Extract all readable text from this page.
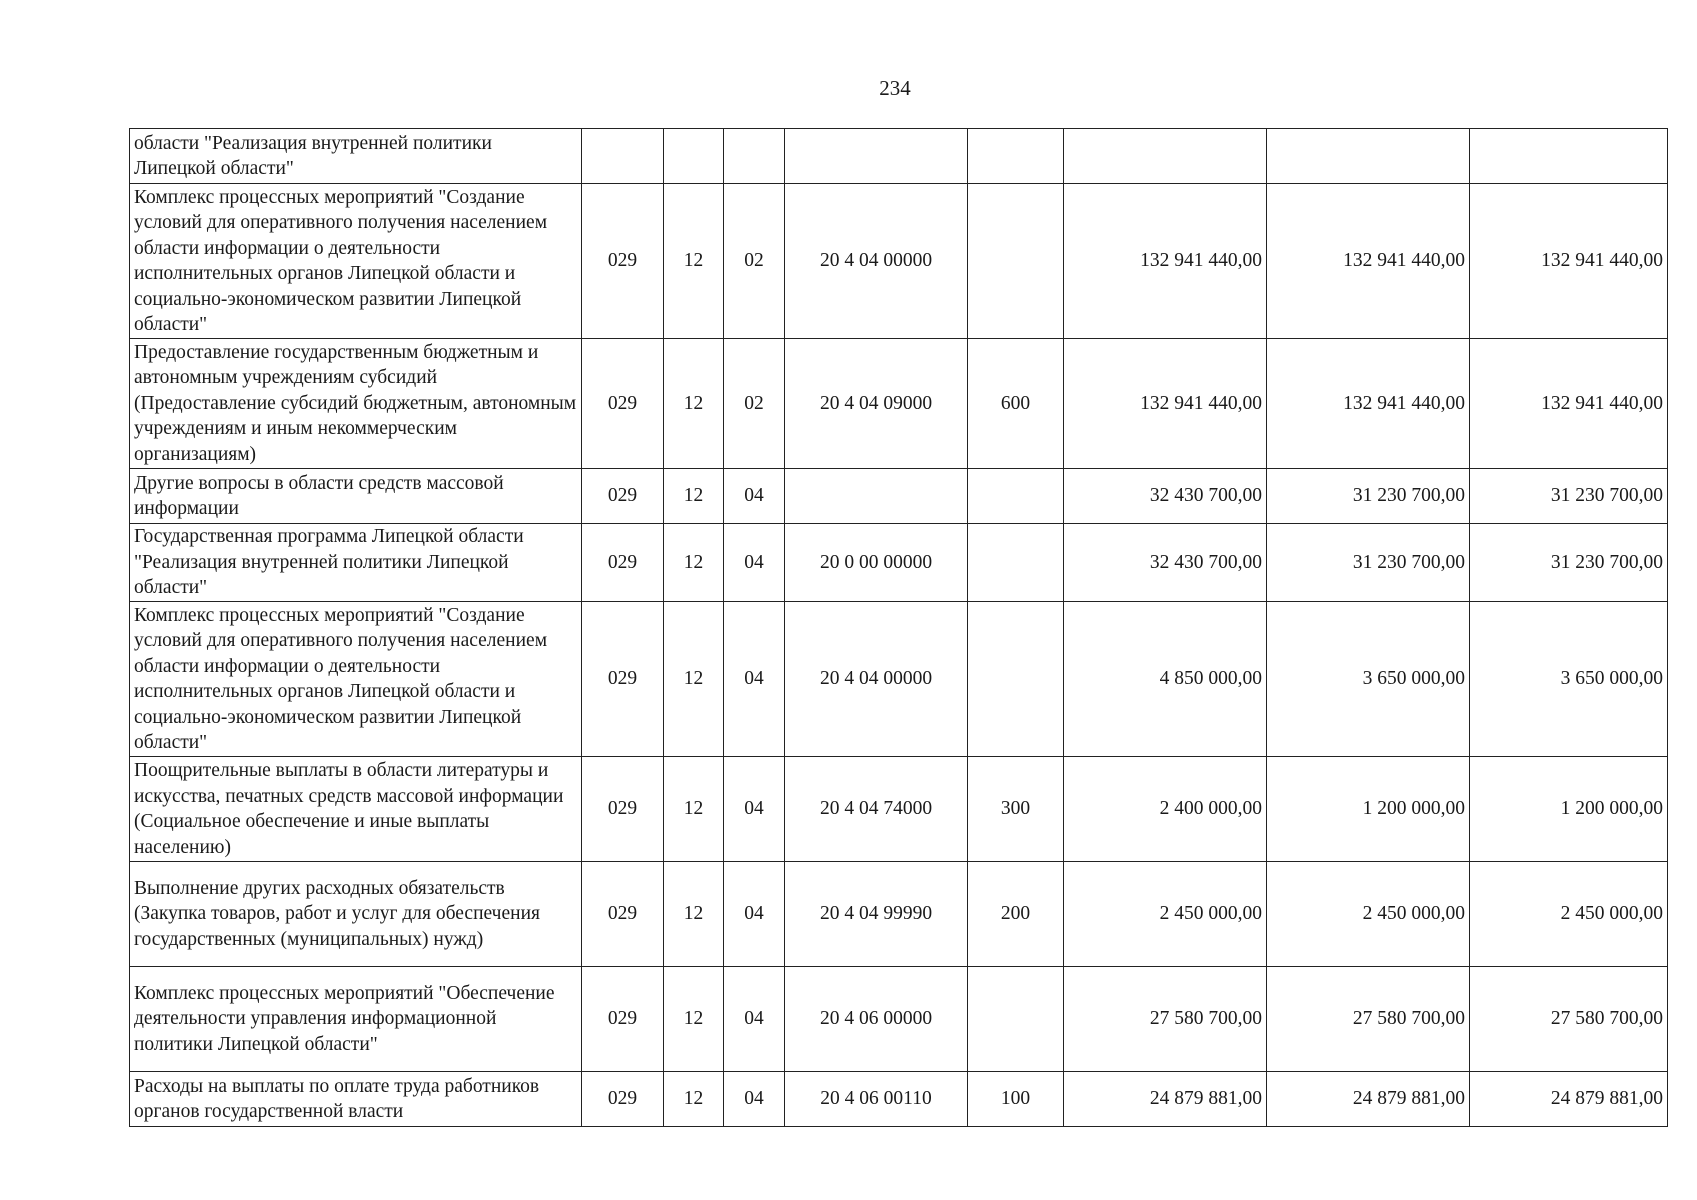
234
области "Реализация внутренней политики Липецкой области"								
Комплекс процессных мероприятий "Создание условий для оперативного получения населением области информации о деятельности исполнительных органов Липецкой области и социально-экономическом развитии Липецкой области"	029	12	02	20 4 04 00000		132 941 440,00	132 941 440,00	132 941 440,00
Предоставление государственным бюджетным и автономным учреждениям субсидий (Предоставление субсидий бюджетным, автономным учреждениям и иным некоммерческим организациям)	029	12	02	20 4 04 09000	600	132 941 440,00	132 941 440,00	132 941 440,00
Другие вопросы в области средств массовой информации	029	12	04			32 430 700,00	31 230 700,00	31 230 700,00
Государственная программа Липецкой области "Реализация внутренней политики Липецкой области"	029	12	04	20 0 00 00000		32 430 700,00	31 230 700,00	31 230 700,00
Комплекс процессных мероприятий "Создание условий для оперативного получения населением области информации о деятельности исполнительных органов Липецкой области и социально-экономическом развитии Липецкой области"	029	12	04	20 4 04 00000		4 850 000,00	3 650 000,00	3 650 000,00
Поощрительные выплаты в области литературы и искусства, печатных средств массовой информации (Социальное обеспечение и иные выплаты населению)	029	12	04	20 4 04 74000	300	2 400 000,00	1 200 000,00	1 200 000,00
Выполнение других расходных обязательств (Закупка товаров, работ и услуг для обеспечения государственных (муниципальных) нужд)	029	12	04	20 4 04 99990	200	2 450 000,00	2 450 000,00	2 450 000,00
Комплекс процессных мероприятий "Обеспечение деятельности управления информационной политики Липецкой области"	029	12	04	20 4 06 00000		27 580 700,00	27 580 700,00	27 580 700,00
Расходы на выплаты по оплате труда работников органов государственной власти	029	12	04	20 4 06 00110	100	24 879 881,00	24 879 881,00	24 879 881,00
